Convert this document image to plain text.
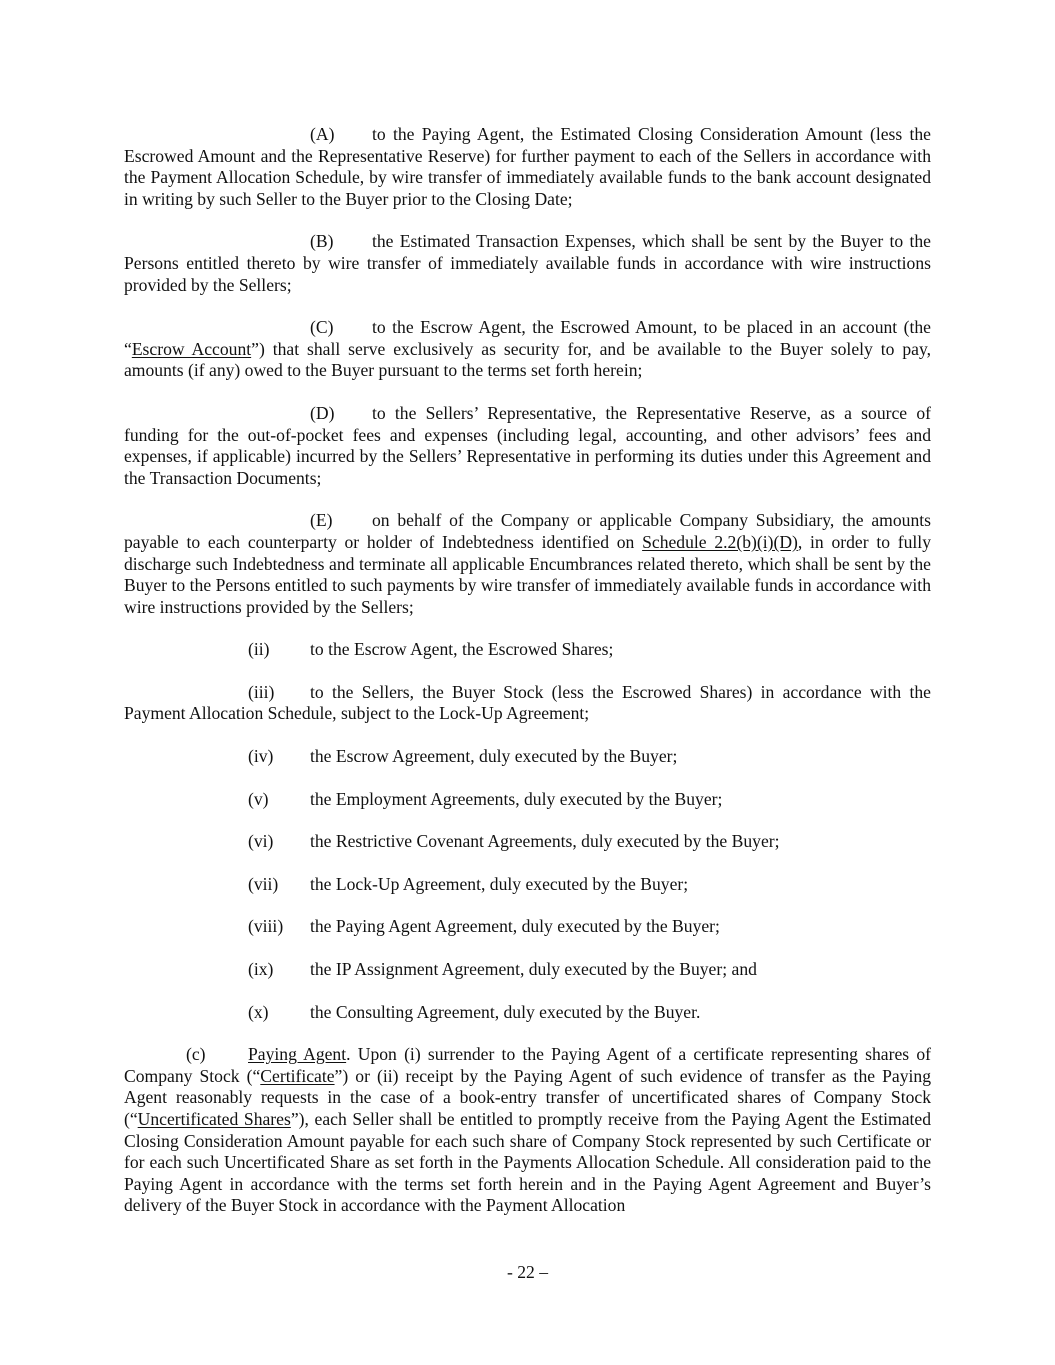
(A) to the Paying Agent, the Estimated Closing Consideration Amount (less the Escrowed Amount and the Representative Reserve) for further payment to each of the Sellers in accordance with the Payment Allocation Schedule, by wire transfer of immediately available funds to the bank account designated in writing by such Seller to the Buyer prior to the Closing Date;

(B) the Estimated Transaction Expenses, which shall be sent by the Buyer to the Persons entitled thereto by wire transfer of immediately available funds in accordance with wire instructions provided by the Sellers;

(C) to the Escrow Agent, the Escrowed Amount, to be placed in an account (the “Escrow Account”) that shall serve exclusively as security for, and be available to the Buyer solely to pay, amounts (if any) owed to the Buyer pursuant to the terms set forth herein;

(D) to the Sellers’ Representative, the Representative Reserve, as a source of funding for the out-of-pocket fees and expenses (including legal, accounting, and other advisors’ fees and expenses, if applicable) incurred by the Sellers’ Representative in performing its duties under this Agreement and the Transaction Documents;

(E) on behalf of the Company or applicable Company Subsidiary, the amounts payable to each counterparty or holder of Indebtedness identified on Schedule 2.2(b)(i)(D), in order to fully discharge such Indebtedness and terminate all applicable Encumbrances related thereto, which shall be sent by the Buyer to the Persons entitled to such payments by wire transfer of immediately available funds in accordance with wire instructions provided by the Sellers;

(ii)	to the Escrow Agent, the Escrowed Shares;

(iii) to the Sellers, the Buyer Stock (less the Escrowed Shares) in accordance with the Payment Allocation Schedule, subject to the Lock-Up Agreement;

(iv)	the Escrow Agreement, duly executed by the Buyer;
(v)	the Employment Agreements, duly executed by the Buyer;
(vi)	the Restrictive Covenant Agreements, duly executed by the Buyer;
(vii)	the Lock-Up Agreement, duly executed by the Buyer;
(viii)	the Paying Agent Agreement, duly executed by the Buyer;
(ix)	the IP Assignment Agreement, duly executed by the Buyer; and
(x)	the Consulting Agreement, duly executed by the Buyer.

(c) Paying Agent. Upon (i) surrender to the Paying Agent of a certificate representing shares of Company Stock (“Certificate”) or (ii) receipt by the Paying Agent of such evidence of transfer as the Paying Agent reasonably requests in the case of a book-entry transfer of uncertificated shares of Company Stock (“Uncertificated Shares”), each Seller shall be entitled to promptly receive from the Paying Agent the Estimated Closing Consideration Amount payable for each such share of Company Stock represented by such Certificate or for each such Uncertificated Share as set forth in the Payments Allocation Schedule. All consideration paid to the Paying Agent in accordance with the terms set forth herein and in the Paying Agent Agreement and Buyer’s delivery of the Buyer Stock in accordance with the Payment Allocation

- 22 –
